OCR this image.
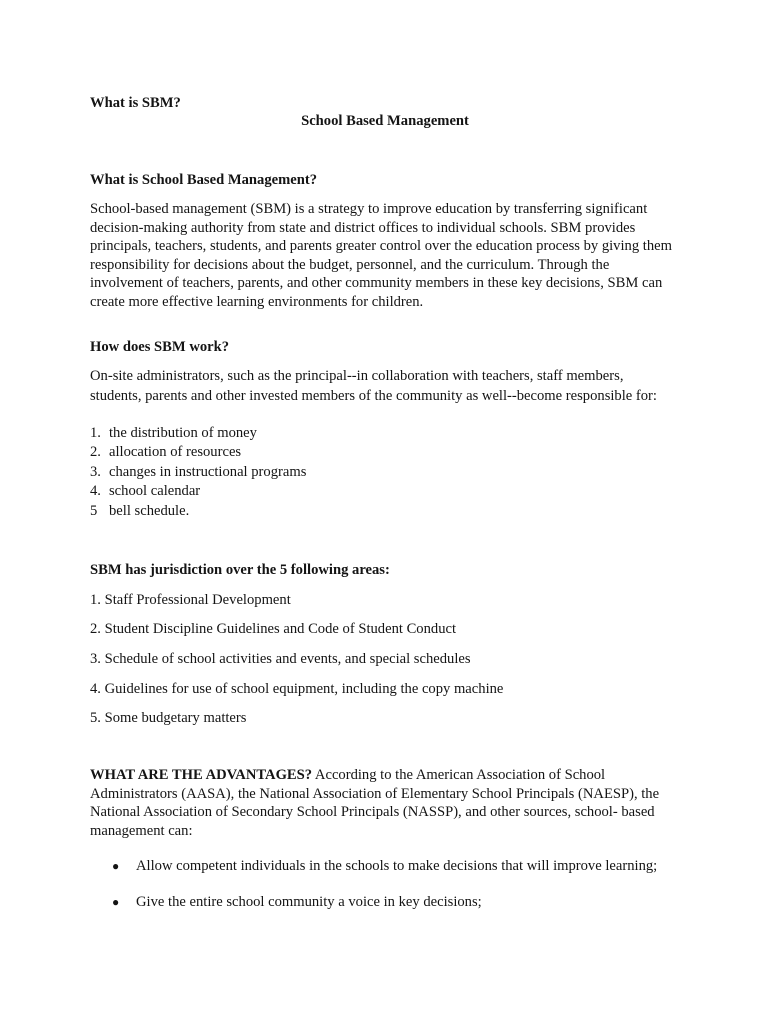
What is SBM?
School Based Management
What is School Based Management?

School-based management (SBM) is a strategy to improve education by transferring significant decision-making authority from state and district offices to individual schools. SBM provides principals, teachers, students, and parents greater control over the education process by giving them responsibility for decisions about the budget, personnel, and the curriculum. Through the involvement of teachers, parents, and other community members in these key decisions, SBM can create more effective learning environments for children.

How does SBM work?

On-site administrators, such as the principal--in collaboration with teachers, staff members, students, parents and other invested members of the community as well--become responsible for:

1. the distribution of money
2. allocation of resources
3. changes in instructional programs
4. school calendar
5 bell schedule.
SBM has jurisdiction over the 5 following areas:
1. Staff Professional Development
2. Student Discipline Guidelines and Code of Student Conduct
3. Schedule of school activities and events, and special schedules
4. Guidelines for use of school equipment, including the copy machine
5. Some budgetary matters

WHAT ARE THE ADVANTAGES? According to the American Association of School Administrators (AASA), the National Association of Elementary School Principals (NAESP), the National Association of Secondary School Principals (NASSP), and other sources, school- based management can:

● Allow competent individuals in the schools to make decisions that will improve learning;
● Give the entire school community a voice in key decisions;
